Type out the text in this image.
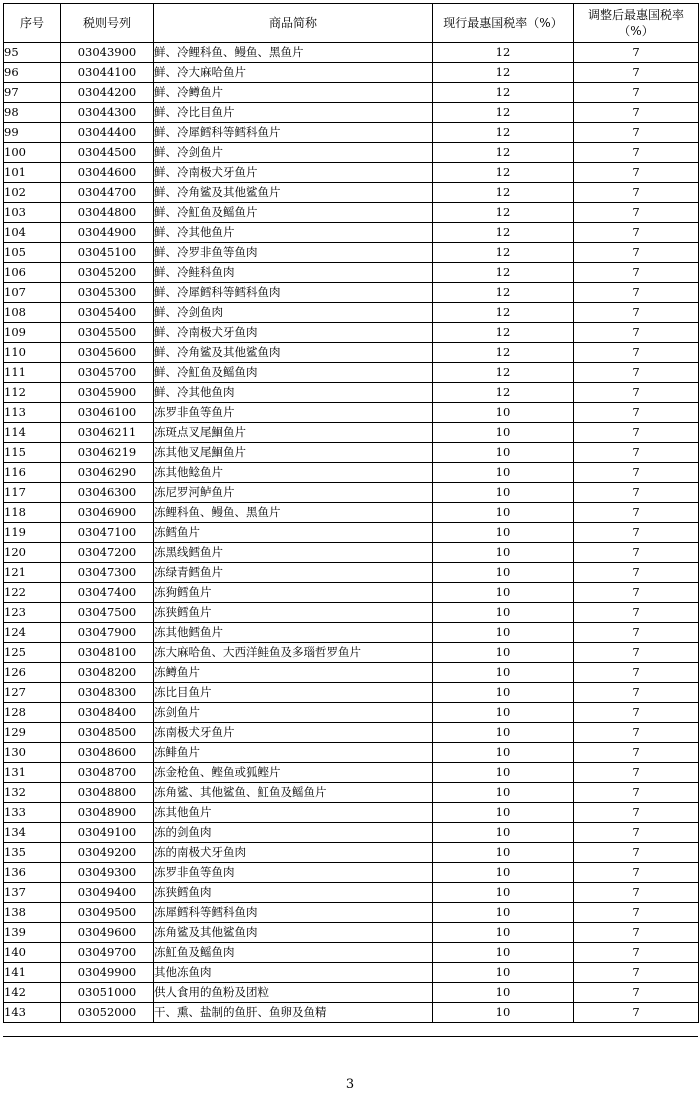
序号	税则号列	商品简称	现行最惠国税率（%）	调整后最惠国税率（%）
95	03043900	鲜、冷鲤科鱼、鳗鱼、黑鱼片	12	7
96	03044100	鲜、冷大麻哈鱼片	12	7
97	03044200	鲜、冷鳟鱼片	12	7
98	03044300	鲜、冷比目鱼片	12	7
99	03044400	鲜、冷犀鳕科等鳕科鱼片	12	7
100	03044500	鲜、冷剑鱼片	12	7
101	03044600	鲜、冷南极犬牙鱼片	12	7
102	03044700	鲜、冷角鲨及其他鲨鱼片	12	7
103	03044800	鲜、冷魟鱼及鳐鱼片	12	7
104	03044900	鲜、冷其他鱼片	12	7
105	03045100	鲜、冷罗非鱼等鱼肉	12	7
106	03045200	鲜、冷鲑科鱼肉	12	7
107	03045300	鲜、冷犀鳕科等鳕科鱼肉	12	7
108	03045400	鲜、冷剑鱼肉	12	7
109	03045500	鲜、冷南极犬牙鱼肉	12	7
110	03045600	鲜、冷角鲨及其他鲨鱼肉	12	7
111	03045700	鲜、冷魟鱼及鳐鱼肉	12	7
112	03045900	鲜、冷其他鱼肉	12	7
113	03046100	冻罗非鱼等鱼片	10	7
114	03046211	冻斑点叉尾鮰鱼片	10	7
115	03046219	冻其他叉尾鮰鱼片	10	7
116	03046290	冻其他鲶鱼片	10	7
117	03046300	冻尼罗河鲈鱼片	10	7
118	03046900	冻鲤科鱼、鳗鱼、黑鱼片	10	7
119	03047100	冻鳕鱼片	10	7
120	03047200	冻黑线鳕鱼片	10	7
121	03047300	冻绿青鳕鱼片	10	7
122	03047400	冻狗鳕鱼片	10	7
123	03047500	冻狭鳕鱼片	10	7
124	03047900	冻其他鳕鱼片	10	7
125	03048100	冻大麻哈鱼、大西洋鲑鱼及多瑙哲罗鱼片	10	7
126	03048200	冻鳟鱼片	10	7
127	03048300	冻比目鱼片	10	7
128	03048400	冻剑鱼片	10	7
129	03048500	冻南极犬牙鱼片	10	7
130	03048600	冻鲱鱼片	10	7
131	03048700	冻金枪鱼、鲣鱼或狐鲣片	10	7
132	03048800	冻角鲨、其他鲨鱼、魟鱼及鳐鱼片	10	7
133	03048900	冻其他鱼片	10	7
134	03049100	冻的剑鱼肉	10	7
135	03049200	冻的南极犬牙鱼肉	10	7
136	03049300	冻罗非鱼等鱼肉	10	7
137	03049400	冻狭鳕鱼肉	10	7
138	03049500	冻犀鳕科等鳕科鱼肉	10	7
139	03049600	冻角鲨及其他鲨鱼肉	10	7
140	03049700	冻魟鱼及鳐鱼肉	10	7
141	03049900	其他冻鱼肉	10	7
142	03051000	供人食用的鱼粉及团粒	10	7
143	03052000	干、熏、盐制的鱼肝、鱼卵及鱼精	10	7
3
